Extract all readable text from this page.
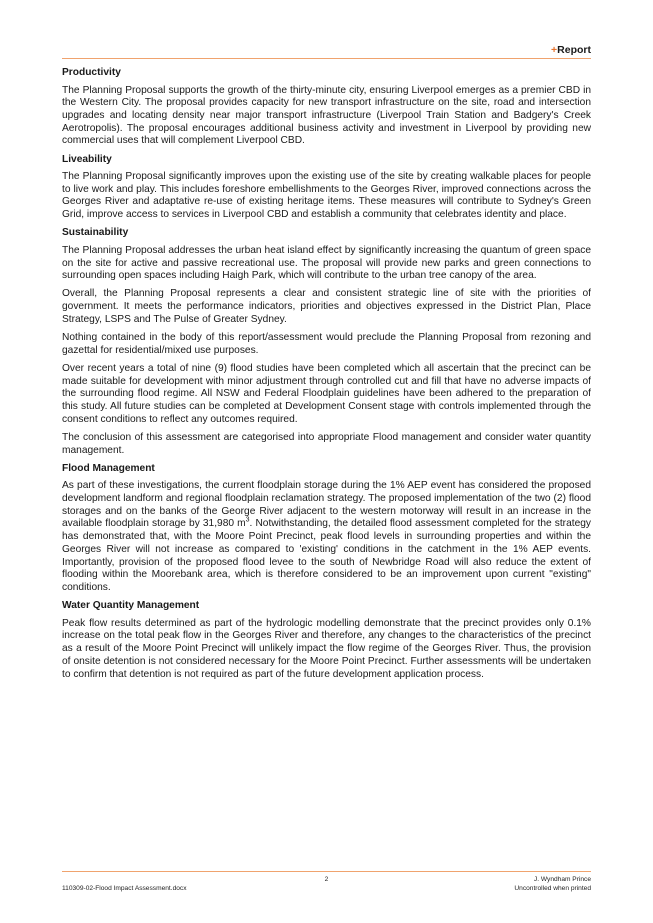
+Report
Productivity

The Planning Proposal supports the growth of the thirty-minute city, ensuring Liverpool emerges as a premier CBD in the Western City. The proposal provides capacity for new transport infrastructure on the site, road and intersection upgrades and locating density near major transport infrastructure (Liverpool Train Station and Badgery's Creek Aerotropolis). The proposal encourages additional business activity and investment in Liverpool by providing new commercial uses that will complement Liverpool CBD.

Liveability

The Planning Proposal significantly improves upon the existing use of the site by creating walkable places for people to live work and play. This includes foreshore embellishments to the Georges River, improved connections across the Georges River and adaptative re-use of existing heritage items. These measures will contribute to Sydney's Green Grid, improve access to services in Liverpool CBD and establish a community that celebrates identity and place.

Sustainability

The Planning Proposal addresses the urban heat island effect by significantly increasing the quantum of green space on the site for active and passive recreational use. The proposal will provide new parks and green connections to surrounding open spaces including Haigh Park, which will contribute to the urban tree canopy of the area.

Overall, the Planning Proposal represents a clear and consistent strategic line of site with the priorities of government. It meets the performance indicators, priorities and objectives expressed in the District Plan, Place Strategy, LSPS and The Pulse of Greater Sydney.

Nothing contained in the body of this report/assessment would preclude the Planning Proposal from rezoning and gazettal for residential/mixed use purposes.

Over recent years a total of nine (9) flood studies have been completed which all ascertain that the precinct can be made suitable for development with minor adjustment through controlled cut and fill that have no adverse impacts of the surrounding flood regime. All NSW and Federal Floodplain guidelines have been adhered to the preparation of this study. All future studies can be completed at Development Consent stage with controls implemented through the consent conditions to reflect any outcomes required.

The conclusion of this assessment are categorised into appropriate Flood management and consider water quantity management.

Flood Management

As part of these investigations, the current floodplain storage during the 1% AEP event has considered the proposed development landform and regional floodplain reclamation strategy. The proposed implementation of the two (2) flood storages and on the banks of the George River adjacent to the western motorway will result in an increase in the available floodplain storage by 31,980 $m^3$. Notwithstanding, the detailed flood assessment completed for the strategy has demonstrated that, with the Moore Point Precinct, peak flood levels in surrounding properties and within the Georges River will not increase as compared to 'existing' conditions in the catchment in the 1% AEP events. Importantly, provision of the proposed flood levee to the south of Newbridge Road will also reduce the extent of flooding within the Moorebank area, which is therefore considered to be an improvement upon current "existing" conditions.

Water Quantity Management

Peak flow results determined as part of the hydrologic modelling demonstrate that the precinct provides only 0.1% increase on the total peak flow in the Georges River and therefore, any changes to the characteristics of the precinct as a result of the Moore Point Precinct will unlikely impact the flow regime of the Georges River. Thus, the provision of onsite detention is not considered necessary for the Moore Point Precinct. Further assessments will be undertaken to confirm that detention is not required as part of the future development application process.

2	J. Wyndham Prince
110309-02-Flood Impact Assessment.docx	Uncontrolled when printed
